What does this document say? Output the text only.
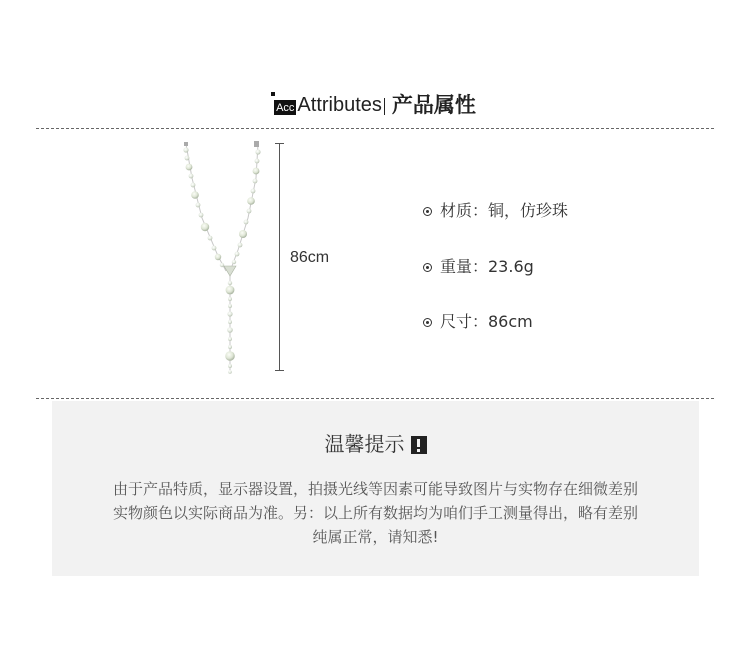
Acc Attributes 产品属性
86cm
材质：铜，仿珍珠
重量：23.6g
尺寸：86cm
温馨提示
由于产品特质，显示器设置，拍摄光线等因素可能导致图片与实物存在细微差别
实物颜色以实际商品为准。另：以上所有数据均为咱们手工测量得出，略有差别
纯属正常，请知悉!
